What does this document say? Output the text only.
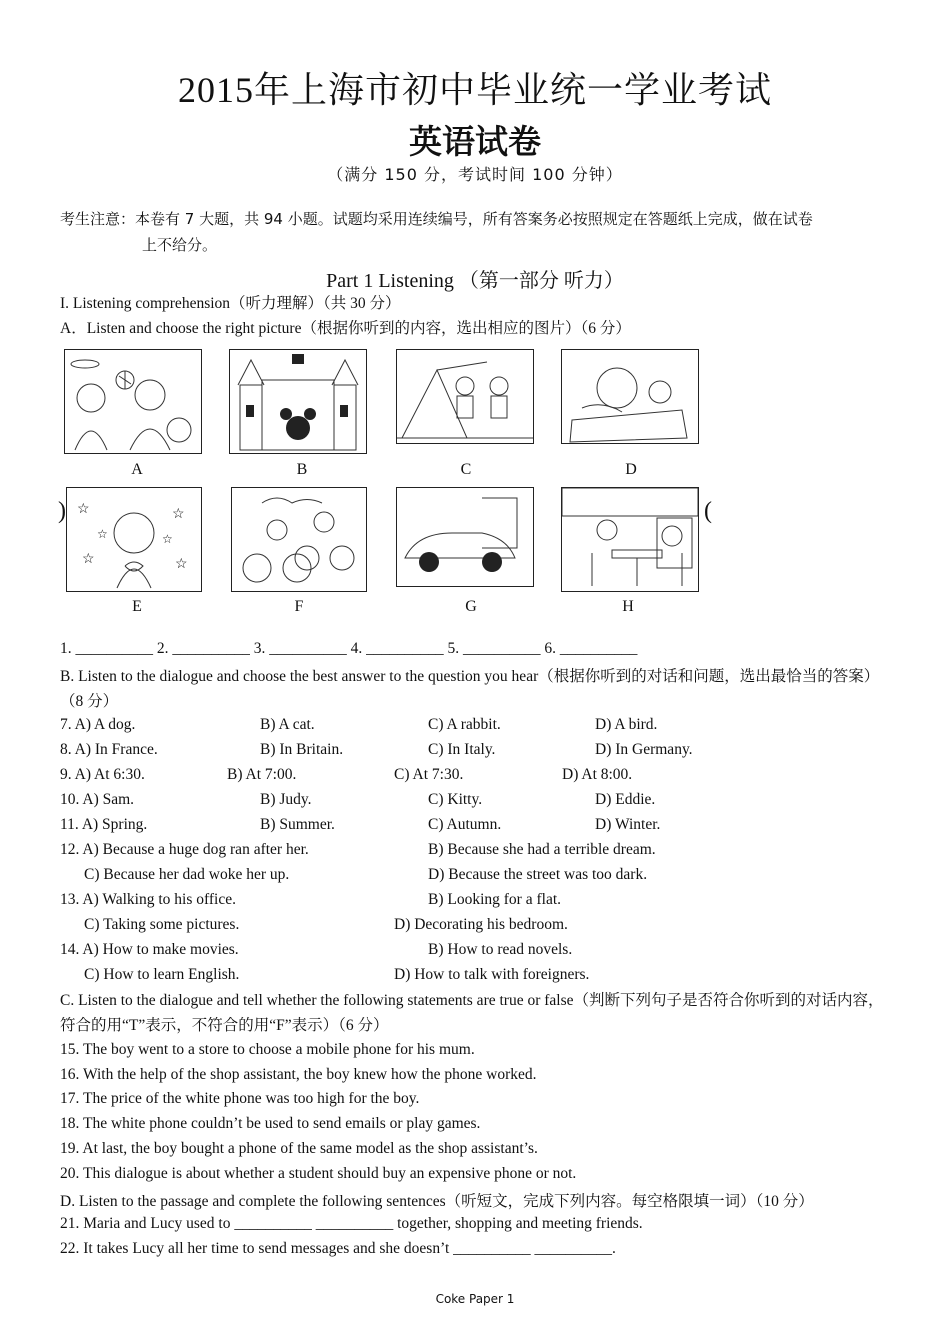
2015年上海市初中毕业统一学业考试
英语试卷
（满分 150 分，考试时间 100 分钟）
考生注意：本卷有 7 大题，共 94 小题。试题均采用连续编号，所有答案务必按照规定在答题纸上完成，做在试卷
上不给分。
Part 1 Listening （第一部分 听力）
I. Listening comprehension（听力理解）（共 30 分）
A．Listen and choose the right picture（根据你听到的内容，选出相应的图片）（6 分）
A	B	C	D
) ☆	☆
☆	☆
☆	☆
(
E	F	G	H
1. __________ 2. __________ 3. __________ 4. __________ 5. __________ 6. __________
B. Listen to the dialogue and choose the best answer to the question you hear（根据你听到的对话和问题，选出最恰当的答案）（8 分）
7. A) A dog.	B) A cat.	C) A rabbit.	D) A bird.
8. A) In France.	B) In Britain.	C) In Italy.	D) In Germany.
9. A) At 6:30.	B) At 7:00.	C) At 7:30.	D) At 8:00.
10. A) Sam.	B) Judy.	C) Kitty.	D) Eddie.
11. A) Spring.	B) Summer.	C) Autumn.	D) Winter.
12. A) Because a huge dog ran after her.	B) Because she had a terrible dream.
C) Because her dad woke her up.	D) Because the street was too dark.
13. A) Walking to his office.	B) Looking for a flat.
C) Taking some pictures.	D) Decorating his bedroom.
14. A) How to make movies.	B) How to read novels.
C) How to learn English.	D) How to talk with foreigners.
C. Listen to the dialogue and tell whether the following statements are true or false（判断下列句子是否符合你听到的对话内容，符合的用“T”表示，不符合的用“F”表示）（6 分）
15. The boy went to a store to choose a mobile phone for his mum.
16. With the help of the shop assistant, the boy knew how the phone worked.
17. The price of the white phone was too high for the boy.
18. The white phone couldn’t be used to send emails or play games.
19. At last, the boy bought a phone of the same model as the shop assistant’s.
20. This dialogue is about whether a student should buy an expensive phone or not.
D. Listen to the passage and complete the following sentences（听短文，完成下列内容。每空格限填一词）（10 分）
21. Maria and Lucy used to __________ __________ together, shopping and meeting friends.
22. It takes Lucy all her time to send messages and she doesn’t __________ __________.
Coke Paper 1
